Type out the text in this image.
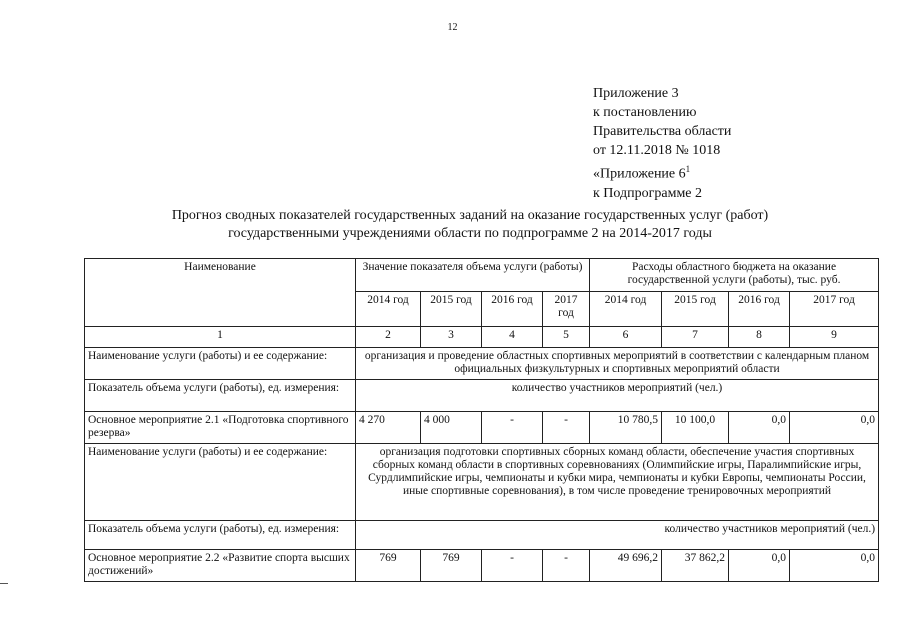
12
Приложение 3
к постановлению
Правительства области
от 12.11.2018 № 1018
«Приложение $6^1$
к Подпрограмме 2
Прогноз сводных показателей государственных заданий на оказание государственных услуг (работ)
государственными учреждениями области по подпрограмме 2 на 2014-2017 годы
Наименование	Значение показателя объема услуги (работы)				Расходы областного бюджета на оказание государственной услуги (работы), тыс. руб.			
	2014 год	2015 год	2016 год	2017 год	2014 год	2015 год	2016 год	2017 год
1	2	3	4	5	6	7	8	9
Наименование услуги (работы) и ее содержание:	организация и проведение областных спортивных мероприятий в соответствии с календарным планом официальных физкультурных и спортивных мероприятий области							
Показатель объема услуги (работы), ед. измерения:	количество участников мероприятий (чел.)							
Основное мероприятие 2.1 «Подготовка спортивного резерва»	4 270	4 000	-	-	10 780,5	10 100,0	0,0	0,0
Наименование услуги (работы) и ее содержание:	организация подготовки спортивных сборных команд области, обеспечение участия спортивных сборных команд области в спортивных соревнованиях (Олимпийские игры, Паралимпийские игры, Сурдлимпийские игры, чемпионаты и кубки мира, чемпионаты и кубки Европы, чемпионаты России, иные спортивные соревнования), в том числе проведение тренировочных мероприятий							
Показатель объема услуги (работы), ед. измерения:	количество участников мероприятий (чел.)							
Основное мероприятие 2.2 «Развитие спорта высших достижений»	769	769	-	-	49 696,2	37 862,2	0,0	0,0
